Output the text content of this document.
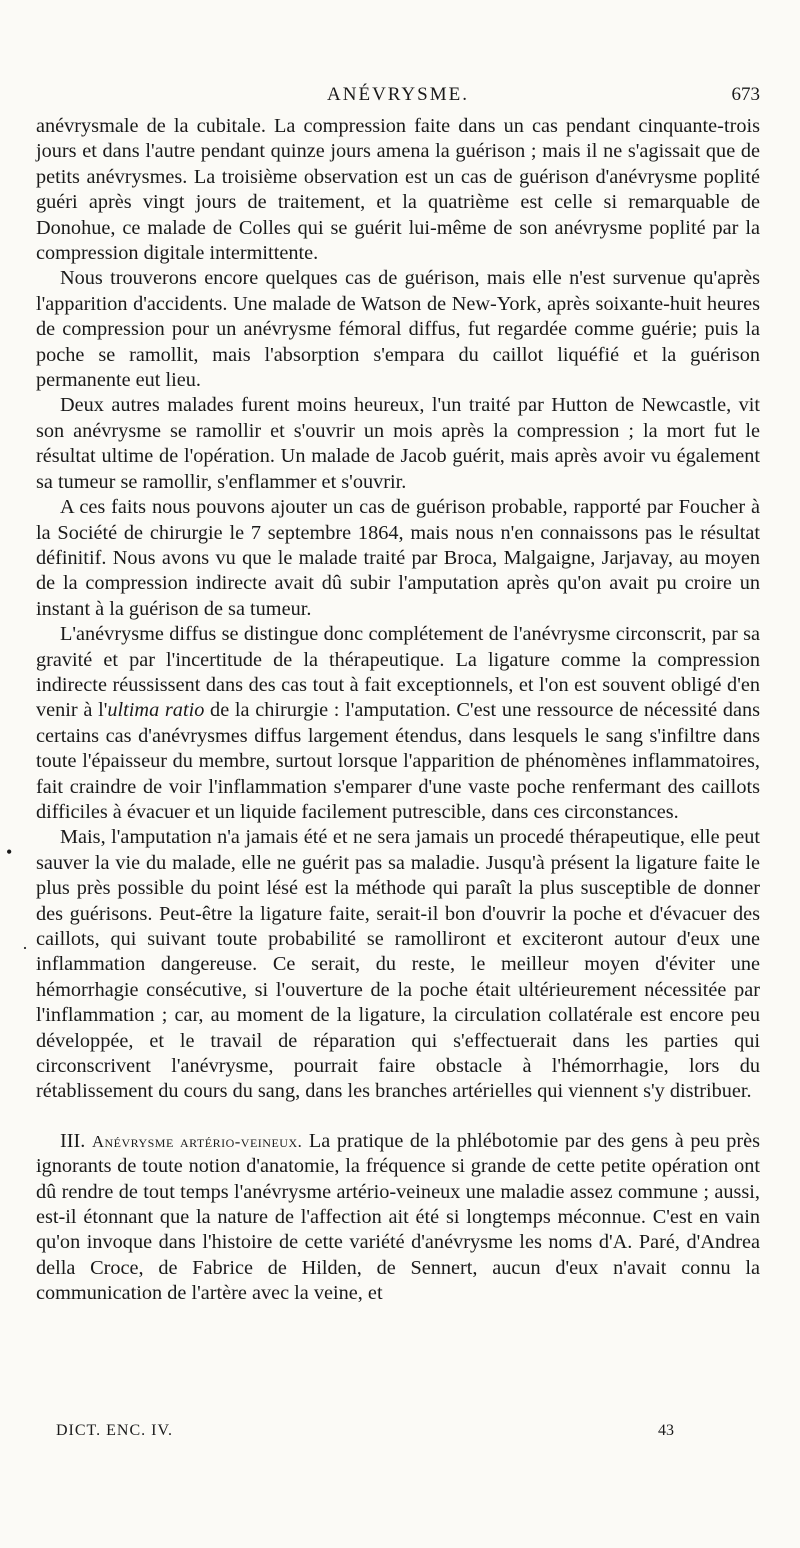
ANÉVRYSME.	673

anévrysmale de la cubitale. La compression faite dans un cas pendant cinquante-trois jours et dans l'autre pendant quinze jours amena la guérison ; mais il ne s'agissait que de petits anévrysmes. La troisième observation est un cas de guérison d'anévrysme poplité guéri après vingt jours de traitement, et la quatrième est celle si remarquable de Donohue, ce malade de Colles qui se guérit lui-même de son anévrysme poplité par la compression digitale intermittente.

Nous trouverons encore quelques cas de guérison, mais elle n'est survenue qu'après l'apparition d'accidents. Une malade de Watson de New-York, après soixante-huit heures de compression pour un anévrysme fémoral diffus, fut regardée comme guérie; puis la poche se ramollit, mais l'absorption s'empara du caillot liquéfié et la guérison permanente eut lieu.

Deux autres malades furent moins heureux, l'un traité par Hutton de Newcastle, vit son anévrysme se ramollir et s'ouvrir un mois après la compression ; la mort fut le résultat ultime de l'opération. Un malade de Jacob guérit, mais après avoir vu également sa tumeur se ramollir, s'enflammer et s'ouvrir.

A ces faits nous pouvons ajouter un cas de guérison probable, rapporté par Foucher à la Société de chirurgie le 7 septembre 1864, mais nous n'en connaissons pas le résultat définitif. Nous avons vu que le malade traité par Broca, Malgaigne, Jarjavay, au moyen de la compression indirecte avait dû subir l'amputation après qu'on avait pu croire un instant à la guérison de sa tumeur.

L'anévrysme diffus se distingue donc complétement de l'anévrysme circonscrit, par sa gravité et par l'incertitude de la thérapeutique. La ligature comme la compression indirecte réussissent dans des cas tout à fait exceptionnels, et l'on est souvent obligé d'en venir à l'ultima ratio de la chirurgie : l'amputation. C'est une ressource de nécessité dans certains cas d'anévrysmes diffus largement étendus, dans lesquels le sang s'infiltre dans toute l'épaisseur du membre, surtout lorsque l'apparition de phénomènes inflammatoires, fait craindre de voir l'inflammation s'emparer d'une vaste poche renfermant des caillots difficiles à évacuer et un liquide facilement putrescible, dans ces circonstances.

Mais, l'amputation n'a jamais été et ne sera jamais un procedé thérapeutique, elle peut sauver la vie du malade, elle ne guérit pas sa maladie. Jusqu'à présent la ligature faite le plus près possible du point lésé est la méthode qui paraît la plus susceptible de donner des guérisons. Peut-être la ligature faite, serait-il bon d'ouvrir la poche et d'évacuer des caillots, qui suivant toute probabilité se ramolliront et exciteront autour d'eux une inflammation dangereuse. Ce serait, du reste, le meilleur moyen d'éviter une hémorrhagie consécutive, si l'ouverture de la poche était ultérieurement nécessitée par l'inflammation ; car, au moment de la ligature, la circulation collatérale est encore peu développée, et le travail de réparation qui s'effectuerait dans les parties qui circonscrivent l'anévrysme, pourrait faire obstacle à l'hémorrhagie, lors du rétablissement du cours du sang, dans les branches artérielles qui viennent s'y distribuer.

III. Anévrysme artério-veineux. La pratique de la phlébotomie par des gens à peu près ignorants de toute notion d'anatomie, la fréquence si grande de cette petite opération ont dû rendre de tout temps l'anévrysme artério-veineux une maladie assez commune ; aussi, est-il étonnant que la nature de l'affection ait été si longtemps méconnue. C'est en vain qu'on invoque dans l'histoire de cette variété d'anévrysme les noms d'A. Paré, d'Andrea della Croce, de Fabrice de Hilden, de Sennert, aucun d'eux n'avait connu la communication de l'artère avec la veine, et

•
·
DICT. ENC. IV.	43
